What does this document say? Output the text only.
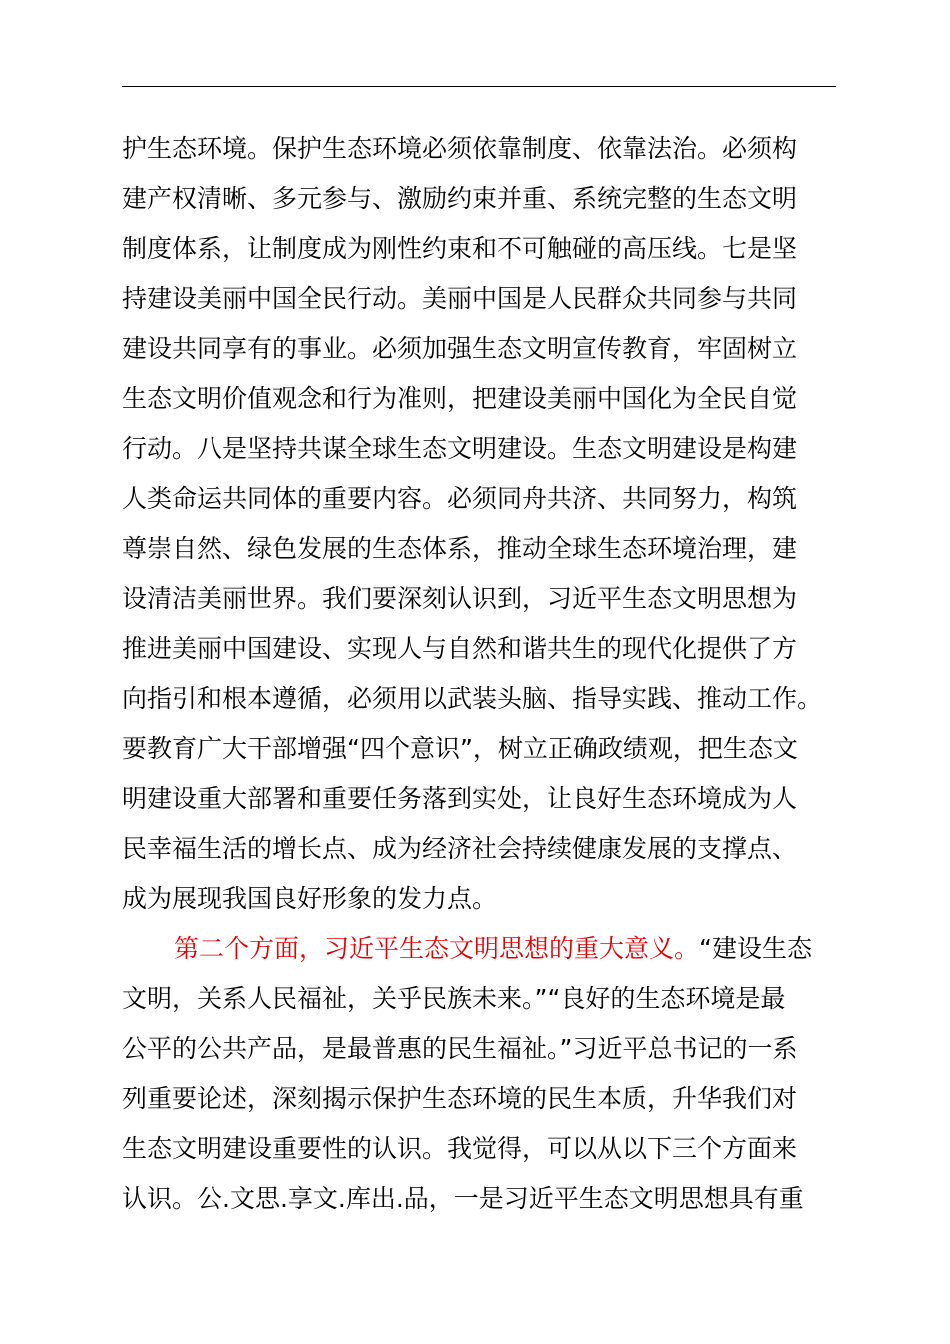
护生态环境。保护生态环境必须依靠制度、依靠法治。必须构
建产权清晰、多元参与、激励约束并重、系统完整的生态文明
制度体系，让制度成为刚性约束和不可触碰的高压线。七是坚
持建设美丽中国全民行动。美丽中国是人民群众共同参与共同
建设共同享有的事业。必须加强生态文明宣传教育，牢固树立
生态文明价值观念和行为准则，把建设美丽中国化为全民自觉
行动。八是坚持共谋全球生态文明建设。生态文明建设是构建
人类命运共同体的重要内容。必须同舟共济、共同努力，构筑
尊崇自然、绿色发展的生态体系，推动全球生态环境治理，建
设清洁美丽世界。我们要深刻认识到，习近平生态文明思想为
推进美丽中国建设、实现人与自然和谐共生的现代化提供了方
向指引和根本遵循，必须用以武装头脑、指导实践、推动工作。
要教育广大干部增强“四个意识”，树立正确政绩观，把生态文
明建设重大部署和重要任务落到实处，让良好生态环境成为人
民幸福生活的增长点、成为经济社会持续健康发展的支撑点、
成为展现我国良好形象的发力点。
第二个方面，习近平生态文明思想的重大意义。“建设生态
文明，关系人民福祉，关乎民族未来。”“良好的生态环境是最
公平的公共产品，是最普惠的民生福祉。”习近平总书记的一系
列重要论述，深刻揭示保护生态环境的民生本质，升华我们对
生态文明建设重要性的认识。我觉得，可以从以下三个方面来
认识。公.文思.享文.库出.品，一是习近平生态文明思想具有重
